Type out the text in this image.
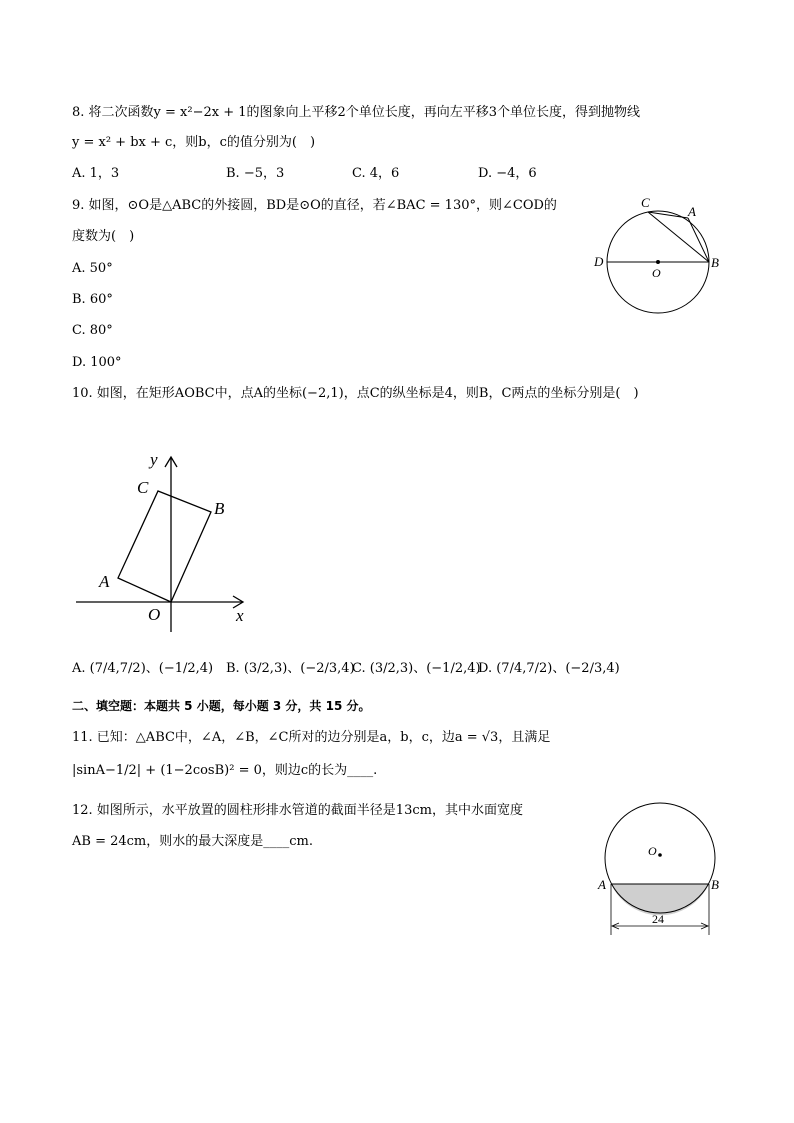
8. 将二次函数y = x²−2x + 1的图象向上平移2个单位长度，再向左平移3个单位长度，得到抛物线
y = x² + bx + c，则b，c的值分别为(　)
A. 1，3	B. −5，3	C. 4，6	D. −4，6
9. 如图，⊙O是△ABC的外接圆，BD是⊙O的直径，若∠BAC = 130°，则∠COD的
度数为(　)
A. 50°
B. 60°
C. 80°
D. 100°
C
A
D
O
B
10. 如图，在矩形AOBC中，点A的坐标(−2,1)，点C的纵坐标是4，则B，C两点的坐标分别是(　)
y
x
C
B
A
O
A. (7/4,7/2)、(−1/2,4) B. (3/2,3)、(−2/3,4)
C. (3/2,3)、(−1/2,4)
D. (7/4,7/2)、(−2/3,4)
二、填空题：本题共 5 小题，每小题 3 分，共 15 分。
11. 已知：△ABC中，∠A，∠B，∠C所对的边分别是a，b，c，边a = √3，且满足
|sinA−1/2| + (1−2cosB)² = 0，则边c的长为____.
12. 如图所示，水平放置的圆柱形排水管道的截面半径是13cm，其中水面宽度
AB = 24cm，则水的最大深度是____cm.
O
A	B
24
